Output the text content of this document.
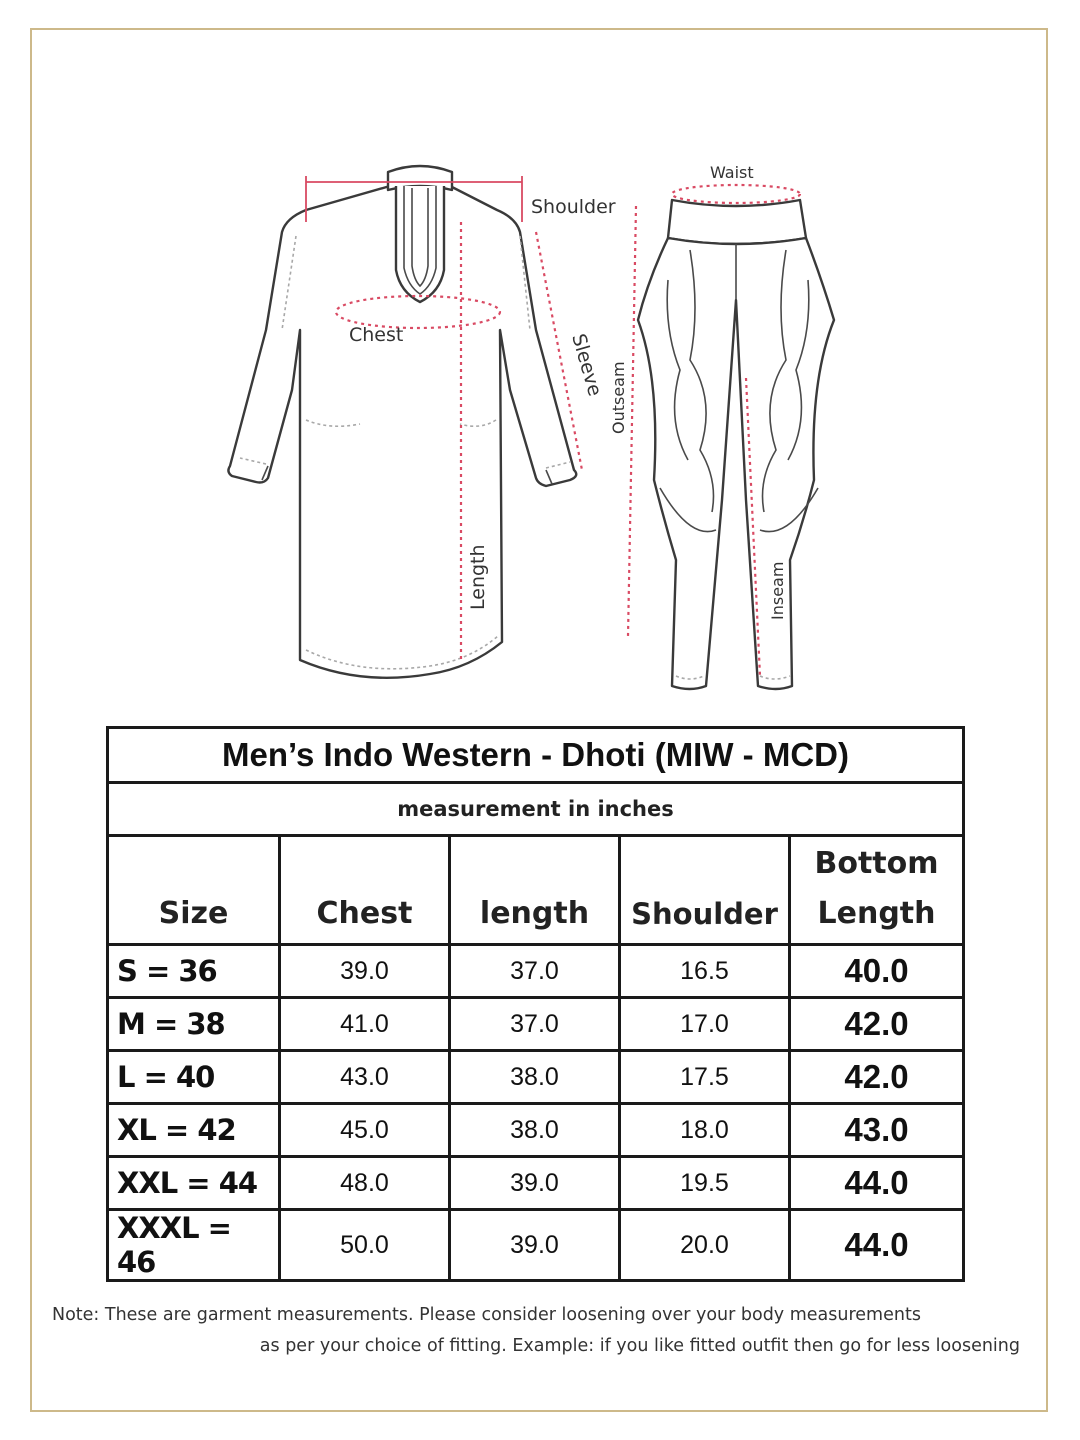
Shoulder
Chest	Sleeve
Length
Waist
Outseam
Inseam
Men’s Indo Western - Dhoti (MIW - MCD)				
measurement in inches				
Size	Chest	length	Shoulder	Bottom
Length
S = 36	39.0	37.0	16.5	40.0
M = 38	41.0	37.0	17.0	42.0
L = 40	43.0	38.0	17.5	42.0
XL = 42	45.0	38.0	18.0	43.0
XXL = 44	48.0	39.0	19.5	44.0
XXXL = 46	50.0	39.0	20.0	44.0
Note: These are garment measurements. Please consider loosening over your body measurements
as per your choice of fitting. Example: if you like fitted outfit then go for less loosening
